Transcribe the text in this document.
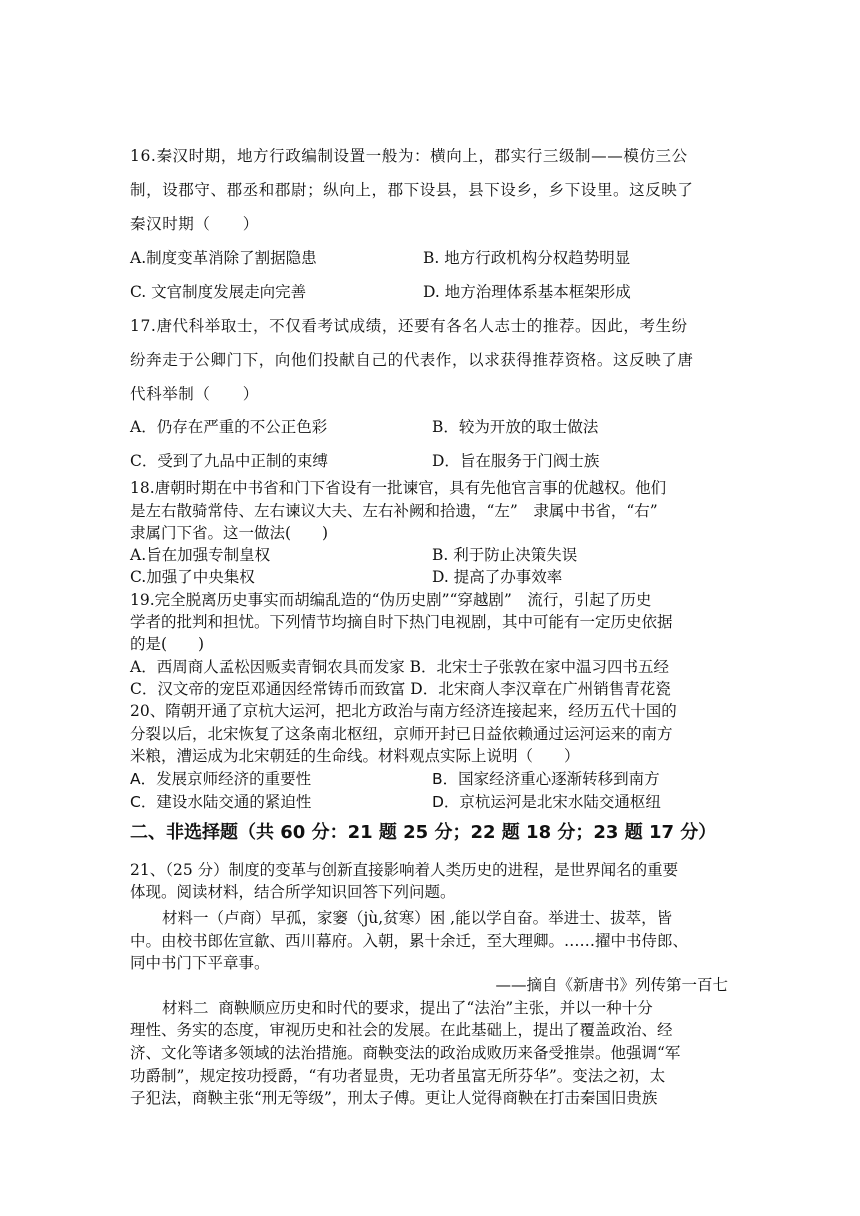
16.秦汉时期，地方行政编制设置一般为：横向上，郡实行三级制——模仿三公
制，设郡守、郡丞和郡尉；纵向上，郡下设县，县下设乡，乡下设里。这反映了
秦汉时期（　　）
A.制度变革消除了割据隐患	B. 地方行政机构分权趋势明显
C. 文官制度发展走向完善	D. 地方治理体系基本框架形成
17.唐代科举取士，不仅看考试成绩，还要有各名人志士的推荐。因此，考生纷
纷奔走于公卿门下，向他们投献自己的代表作，以求获得推荐资格。这反映了唐
代科举制（　　）
A．仍存在严重的不公正色彩	B．较为开放的取士做法
C．受到了九品中正制的束缚	D．旨在服务于门阀士族
18.唐朝时期在中书省和门下省设有一批谏官，具有先他官言事的优越权。他们
是左右散骑常侍、左右谏议大夫、左右补阙和拾遗，“左”　隶属中书省，“右”
隶属门下省。这一做法(　　)
A.旨在加强专制皇权	B. 利于防止决策失误
C.加强了中央集权	D. 提高了办事效率
19.完全脱离历史事实而胡编乱造的“伪历史剧”“穿越剧”　流行，引起了历史
学者的批判和担忧。下列情节均摘自时下热门电视剧，其中可能有一定历史依据
的是(　　)
A．西周商人孟松因贩卖青铜农具而发家 B．北宋士子张敦在家中温习四书五经
C．汉文帝的宠臣邓通因经常铸币而致富 D．北宋商人李汉章在广州销售青花瓷
20、隋朝开通了京杭大运河，把北方政治与南方经济连接起来，经历五代十国的
分裂以后，北宋恢复了这条南北枢纽，京师开封已日益依赖通过运河运来的南方
米粮，漕运成为北宋朝廷的生命线。材料观点实际上说明（　　）
A．发展京师经济的重要性	B．国家经济重心逐渐转移到南方
C．建设水陆交通的紧迫性	D．京杭运河是北宋水陆交通枢纽
二、非选择题（共 60 分：21 题 25 分；22 题 18 分；23 题 17 分）
21、（25 分）制度的变革与创新直接影响着人类历史的进程，是世界闻名的重要
体现。阅读材料，结合所学知识回答下列问题。
材料一（卢商）早孤，家窭（jù,贫寒）困 ,能以学自奋。举进士、拔萃，皆
中。由校书郎佐宣歙、西川幕府。入朝，累十余迁，至大理卿。……擢中书侍郎、
同中书门下平章事。
——摘自《新唐书》列传第一百七
材料二  商鞅顺应历史和时代的要求，提出了“法治”主张，并以一种十分
理性、务实的态度，审视历史和社会的发展。在此基础上，提出了覆盖政治、经
济、文化等诸多领域的法治措施。商鞅变法的政治成败历来备受推崇。他强调“军
功爵制”，规定按功授爵，“有功者显贵，无功者虽富无所芬华”。变法之初，太
子犯法，商鞅主张“刑无等级”，刑太子傅。更让人觉得商鞅在打击秦国旧贵族
